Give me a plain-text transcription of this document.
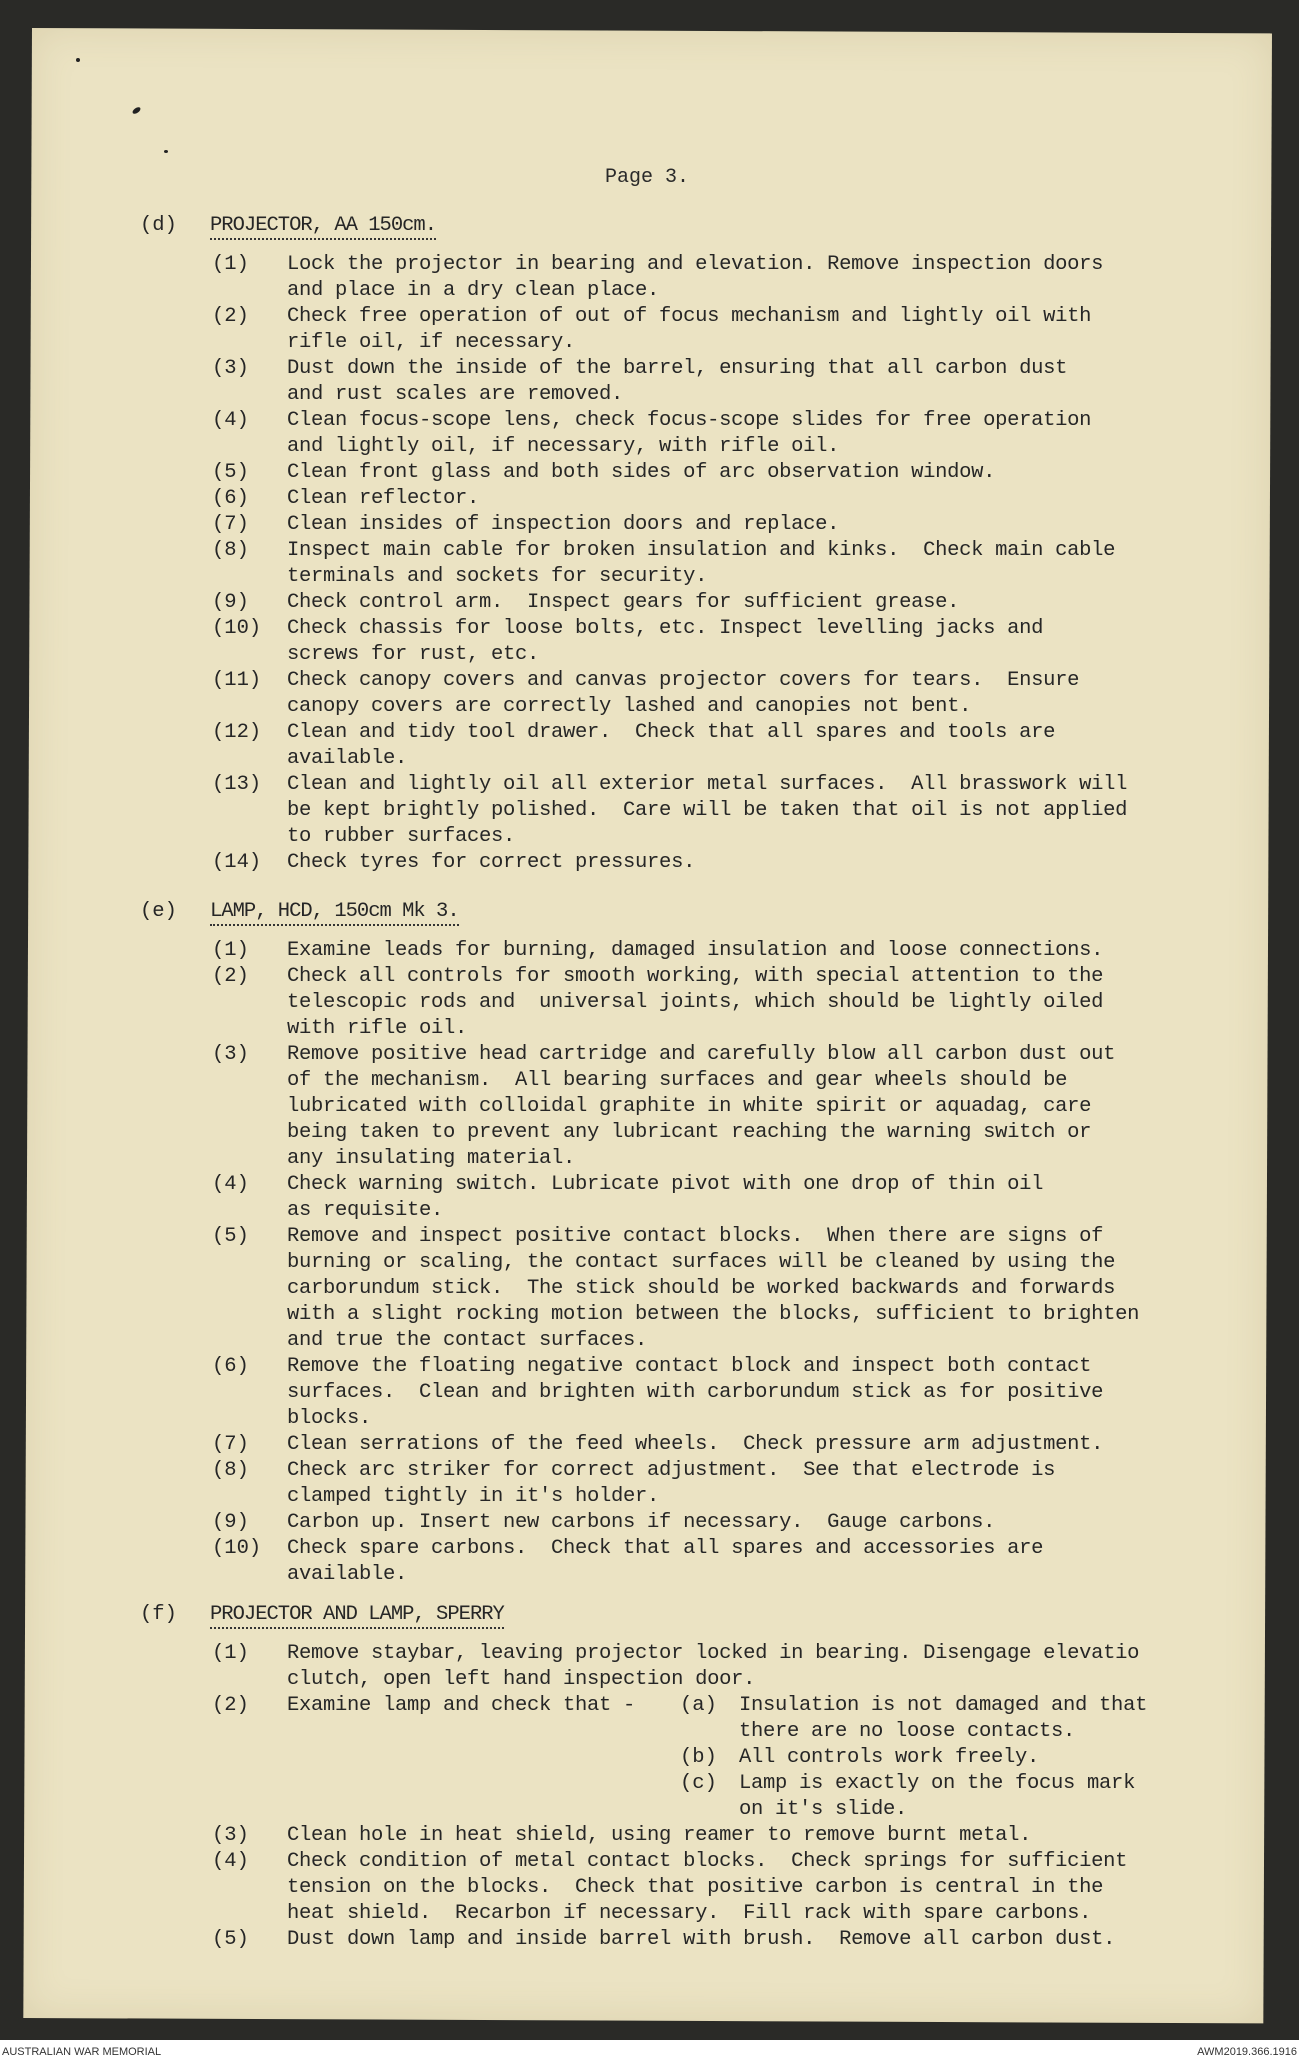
Page 3.
(d) PROJECTOR, AA 150cm.
(1) Lock the projector in bearing and elevation. Remove inspection doors
and place in a dry clean place.
(2) Check free operation of out of focus mechanism and lightly oil with
rifle oil, if necessary.
(3) Dust down the inside of the barrel, ensuring that all carbon dust
and rust scales are removed.
(4) Clean focus-scope lens, check focus-scope slides for free operation
and lightly oil, if necessary, with rifle oil.
(5) Clean front glass and both sides of arc observation window.
(6) Clean reflector.
(7) Clean insides of inspection doors and replace.
(8) Inspect main cable for broken insulation and kinks.  Check main cable
terminals and sockets for security.
(9) Check control arm.  Inspect gears for sufficient grease.
(10) Check chassis for loose bolts, etc. Inspect levelling jacks and
screws for rust, etc.
(11) Check canopy covers and canvas projector covers for tears.  Ensure
canopy covers are correctly lashed and canopies not bent.
(12) Clean and tidy tool drawer.  Check that all spares and tools are
available.
(13) Clean and lightly oil all exterior metal surfaces.  All brasswork will
be kept brightly polished.  Care will be taken that oil is not applied
to rubber surfaces.
(14) Check tyres for correct pressures.
(e) LAMP, HCD, 150cm Mk 3.
(1) Examine leads for burning, damaged insulation and loose connections.
(2) Check all controls for smooth working, with special attention to the
telescopic rods and  universal joints, which should be lightly oiled
with rifle oil.
(3) Remove positive head cartridge and carefully blow all carbon dust out
of the mechanism.  All bearing surfaces and gear wheels should be
lubricated with colloidal graphite in white spirit or aquadag, care
being taken to prevent any lubricant reaching the warning switch or
any insulating material.
(4) Check warning switch. Lubricate pivot with one drop of thin oil
as requisite.
(5) Remove and inspect positive contact blocks.  When there are signs of
burning or scaling, the contact surfaces will be cleaned by using the
carborundum stick.  The stick should be worked backwards and forwards
with a slight rocking motion between the blocks, sufficient to brighten
and true the contact surfaces.
(6) Remove the floating negative contact block and inspect both contact
surfaces.  Clean and brighten with carborundum stick as for positive
blocks.
(7) Clean serrations of the feed wheels.  Check pressure arm adjustment.
(8) Check arc striker for correct adjustment.  See that electrode is
clamped tightly in it's holder.
(9) Carbon up. Insert new carbons if necessary.  Gauge carbons.
(10) Check spare carbons.  Check that all spares and accessories are
available.
(f) PROJECTOR AND LAMP, SPERRY
(1) Remove staybar, leaving projector locked in bearing. Disengage elevatio
clutch, open left hand inspection door.
(2) Examine lamp and check that - (a) Insulation is not damaged and that
there are no loose contacts.
(b) All controls work freely.
(c) Lamp is exactly on the focus mark
on it's slide.
(3) Clean hole in heat shield, using reamer to remove burnt metal.
(4) Check condition of metal contact blocks.  Check springs for sufficient
tension on the blocks.  Check that positive carbon is central in the
heat shield.  Recarbon if necessary.  Fill rack with spare carbons.
(5) Dust down lamp and inside barrel with brush.  Remove all carbon dust.
AUSTRALIAN WAR MEMORIAL	AWM2019.366.1916
